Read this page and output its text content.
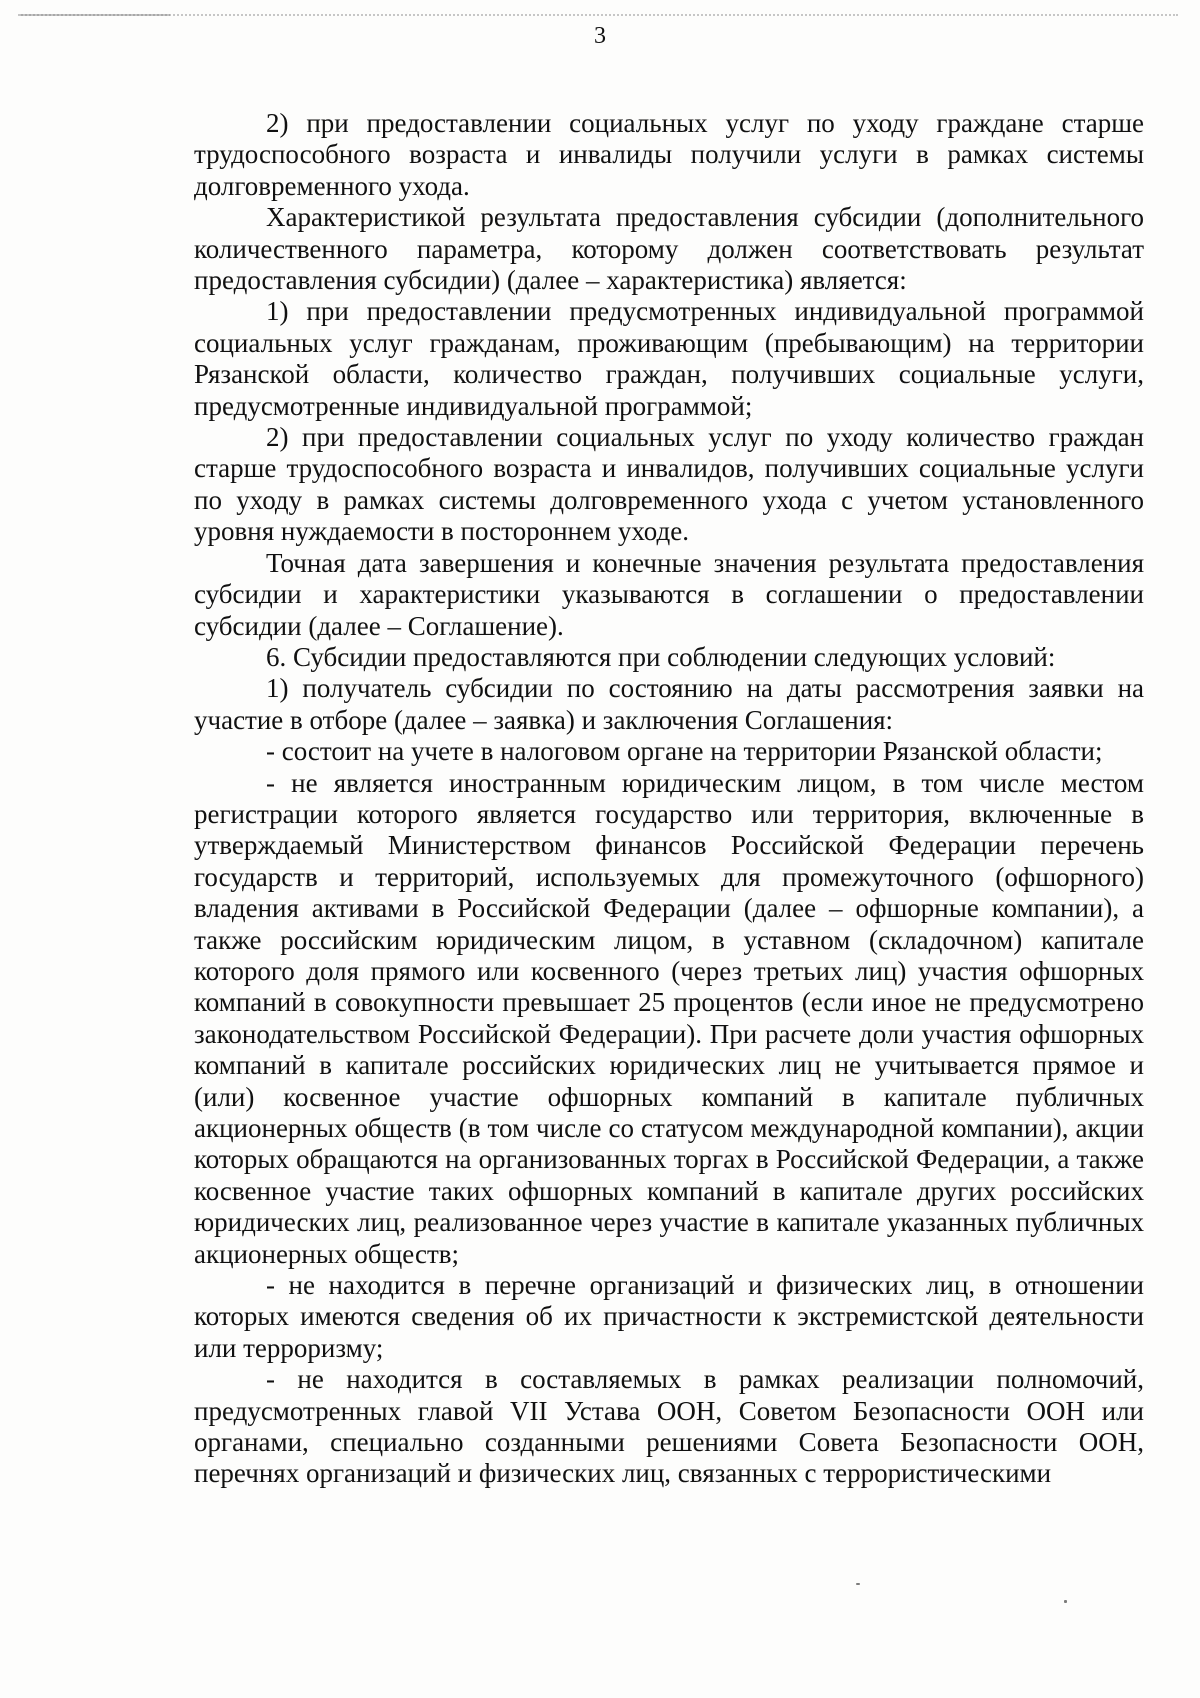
3

2) при предоставлении социальных услуг по уходу граждане старше трудоспособного возраста и инвалиды получили услуги в рамках системы долговременного ухода.

Характеристикой результата предоставления субсидии (дополнительного количественного параметра, которому должен соответствовать результат предоставления субсидии) (далее – характеристика) является:

1) при предоставлении предусмотренных индивидуальной программой социальных услуг гражданам, проживающим (пребывающим) на территории Рязанской области, количество граждан, получивших социальные услуги, предусмотренные индивидуальной программой;

2) при предоставлении социальных услуг по уходу количество граждан старше трудоспособного возраста и инвалидов, получивших социальные услуги по уходу в рамках системы долговременного ухода с учетом установленного уровня нуждаемости в постороннем уходе.

Точная дата завершения и конечные значения результата предоставления субсидии и характеристики указываются в соглашении о предоставлении субсидии (далее – Соглашение).

6. Субсидии предоставляются при соблюдении следующих условий:

1) получатель субсидии по состоянию на даты рассмотрения заявки на участие в отборе (далее – заявка) и заключения Соглашения:

- состоит на учете в налоговом органе на территории Рязанской области;

- не является иностранным юридическим лицом, в том числе местом регистрации которого является государство или территория, включенные в утверждаемый Министерством финансов Российской Федерации перечень государств и территорий, используемых для промежуточного (офшорного) владения активами в Российской Федерации (далее – офшорные компании), а также российским юридическим лицом, в уставном (складочном) капитале которого доля прямого или косвенного (через третьих лиц) участия офшорных компаний в совокупности превышает 25 процентов (если иное не предусмотрено законодательством Российской Федерации). При расчете доли участия офшорных компаний в капитале российских юридических лиц не учитывается прямое и (или) косвенное участие офшорных компаний в капитале публичных акционерных обществ (в том числе со статусом международной компании), акции которых обращаются на организованных торгах в Российской Федерации, а также косвенное участие таких офшорных компаний в капитале других российских юридических лиц, реализованное через участие в капитале указанных публичных акционерных обществ;

- не находится в перечне организаций и физических лиц, в отношении которых имеются сведения об их причастности к экстремистской деятельности или терроризму;

- не находится в составляемых в рамках реализации полномочий, предусмотренных главой VII Устава ООН, Советом Безопасности ООН или органами, специально созданными решениями Совета Безопасности ООН, перечнях организаций и физических лиц, связанных с террористическими
